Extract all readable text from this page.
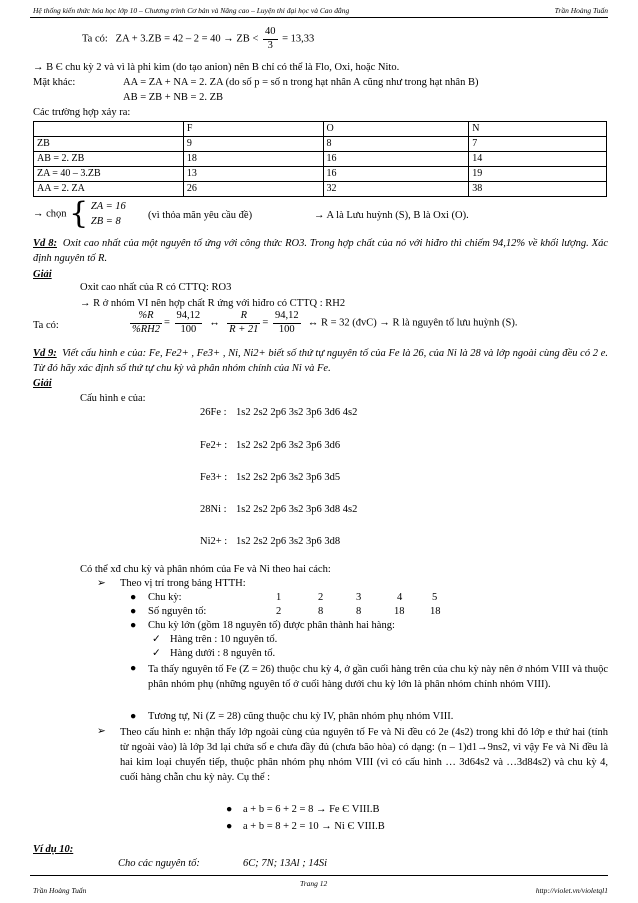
Hệ thống kiến thức hóa học lớp 10 – Chương trình Cơ bản và Nâng cao – Luyện thi đại học và Cao đẳng	Trần Hoàng Tuấn
Ta có: ZA + 3.ZB = 42 – 2 = 40 → ZB < $\frac{40}{3} = 13,33$
→ B Є chu kỳ 2 và vì là phi kim (do tạo anion) nên B chỉ có thể là Flo, Oxi, hoặc Nito.
Mặt khác:	AA = ZA + NA = 2. ZA (do số p = số n trong hạt nhân A cũng như trong hạt nhân B)
AB = ZB + NB = 2. ZB
Các trường hợp xảy ra:
	F	O	N
ZB	9	8	7
AB = 2. ZB	18	16	14
ZA = 40 – 3.ZB	13	16	19
AA = 2. ZA	26	32	38
→ chọn { ZA = 16
ZB = 8
(vì thỏa mãn yêu cầu đề)	→ A là Lưu huỳnh (S), B là Oxi (O).
Vd 8: Oxit cao nhất của một nguyên tố ứng với công thức RO3. Trong hợp chất của nó với hiđro thì chiếm 94,12% về khối lượng. Xác định nguyên tố R.
Giải
Oxit cao nhất của R có CTTQ: RO3
→ R ở nhóm VI nên hợp chất R ứng với hiđro có CTTQ : RH2
Ta có:	$\frac{\%R}{\%RH2} = \frac{94,12}{100}$ ↔ $\frac{R}{R + 21} = \frac{94,12}{100}$ ↔ R = 32 (đvC) → R là nguyên tố lưu huỳnh (S).
Vd 9: Viết cấu hình e của: Fe, Fe2+ , Fe3+ , Ni, Ni2+ biết số thứ tự nguyên tố của Fe là 26, của Ni là 28 và lớp ngoài cùng đều có 2 e. Từ đó hãy xác định số thứ tự chu kỳ và phân nhóm chính của Ni và Fe.
Giải
Cấu hình e của:
26Fe : 1s2 2s2 2p6 3s2 3p6 3d6 4s2
Fe2+ : 1s2 2s2 2p6 3s2 3p6 3d6
Fe3+ : 1s2 2s2 2p6 3s2 3p6 3d5
28Ni : 1s2 2s2 2p6 3s2 3p6 3d8 4s2
Ni2+ : 1s2 2s2 2p6 3s2 3p6 3d8
Có thể xđ chu kỳ và phân nhóm của Fe và Ni theo hai cách:
➢ Theo vị trí trong bảng HTTH:
● Chu kỳ:	1	2	3	4	5
● Số nguyên tố:	2	8	8	18 18
● Chu kỳ lớn (gồm 18 nguyên tố) được phân thành hai hàng:
✓ Hàng trên : 10 nguyên tố.
✓ Hàng dưới : 8 nguyên tố.
● Ta thấy nguyên tố Fe (Z = 26) thuộc chu kỳ 4, ở gần cuối hàng trên của chu kỳ này nên ở nhóm VIII và thuộc phân nhóm phụ (những nguyên tố ở cuối hàng dưới chu kỳ lớn là phân nhóm chính nhóm VIII).
● Tương tự, Ni (Z = 28) cũng thuộc chu kỳ IV, phân nhóm phụ nhóm VIII.
➢ Theo cấu hình e: nhận thấy lớp ngoài cùng của nguyên tố Fe và Ni đều có 2e (4s2) trong khi đó lớp e thứ hai (tính từ ngoài vào) là lớp 3d lại chứa số e chưa đầy đủ (chưa bão hòa) có dạng: (n – 1)d1→9ns2, vì vậy Fe và Ni đều là hai kim loại chuyển tiếp, thuộc phân nhóm phụ nhóm VIII (vì có cấu hình … 3d64s2 và …3d84s2) và chu kỳ 4, cuối hàng chẵn chu kỳ này. Cụ thể :
● a + b = 6 + 2 = 8 → Fe Є VIII.B
● a + b = 8 + 2 = 10 → Ni Є VIII.B
Ví dụ 10:
Cho các nguyên tố:	6C; 7N; 13Al ; 14Si
Trần Hoàng Tuấn
Trang 12
http://violet.vn/violetql1
